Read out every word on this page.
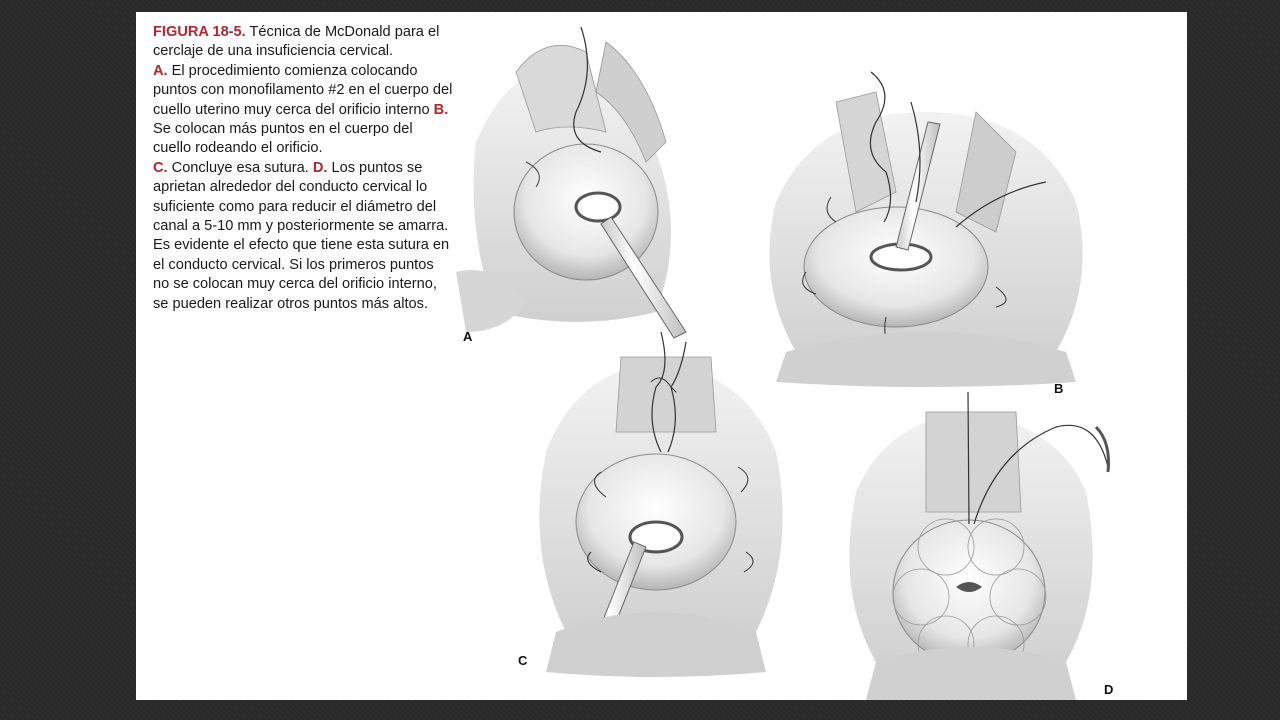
FIGURA 18-5. Técnica de McDonald para el cerclaje de una insuficiencia cervical.
A. El procedimiento comienza colocando puntos con monofilamento #2 en el cuerpo del cuello uterino muy cerca del orificio interno B. Se colocan más puntos en el cuerpo del cuello rodeando el orificio.
C. Concluye esa sutura. D. Los puntos se aprietan alrededor del conducto cervical lo suficiente como para reducir el diámetro del canal a 5-10 mm y posteriormente se amarra. Es evidente el efecto que tiene esta sutura en el conducto cervical. Si los primeros puntos no se colocan muy cerca del orificio interno, se pueden realizar otros puntos más altos.
A
B
C
D
